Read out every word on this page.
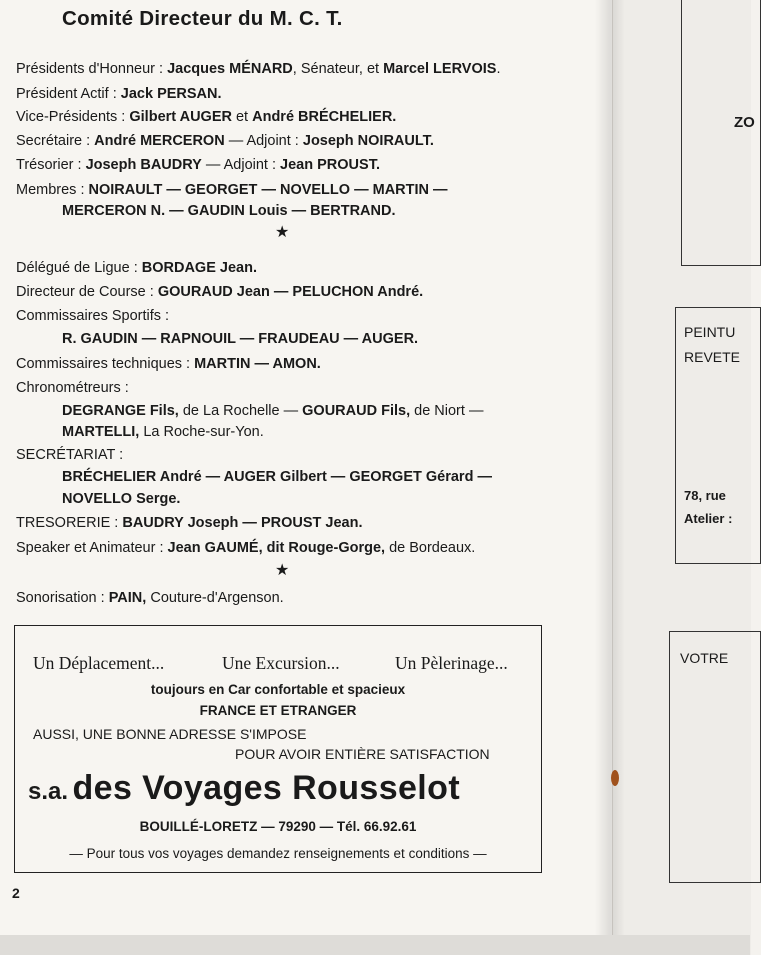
Comité Directeur du M. C. T.
Présidents d'Honneur : Jacques MÉNARD, Sénateur, et Marcel LERVOIS.
Président Actif : Jack PERSAN.
Vice-Présidents : Gilbert AUGER et André BRÉCHELIER.
Secrétaire : André MERCERON — Adjoint : Joseph NOIRAULT.
Trésorier : Joseph BAUDRY — Adjoint : Jean PROUST.
Membres : NOIRAULT — GEORGET — NOVELLO — MARTIN —
MERCERON N. — GAUDIN Louis — BERTRAND.
★
Délégué de Ligue : BORDAGE Jean.
Directeur de Course : GOURAUD Jean — PELUCHON André.
Commissaires Sportifs :
R. GAUDIN — RAPNOUIL — FRAUDEAU — AUGER.
Commissaires techniques : MARTIN — AMON.
Chronométreurs :
DEGRANGE Fils, de La Rochelle — GOURAUD Fils, de Niort —
MARTELLI, La Roche-sur-Yon.
SECRÉTARIAT :
BRÉCHELIER André — AUGER Gilbert — GEORGET Gérard —
NOVELLO Serge.
TRESORERIE : BAUDRY Joseph — PROUST Jean.
Speaker et Animateur : Jean GAUMÉ, dit Rouge-Gorge, de Bordeaux.
★
Sonorisation : PAIN, Couture-d'Argenson.
Un Déplacement...	Une Excursion...	Un Pèlerinage...
toujours en Car confortable et spacieux
FRANCE ET ETRANGER
AUSSI, UNE BONNE ADRESSE S'IMPOSE
POUR AVOIR ENTIÈRE SATISFACTION
s.a. des Voyages Rousselot
BOUILLÉ-LORETZ — 79290 — Tél. 66.92.61
— Pour tous vos voyages demandez renseignements et conditions —
2
ZO
PEINTU
REVETE
78, rue
Atelier :
VOTRE
